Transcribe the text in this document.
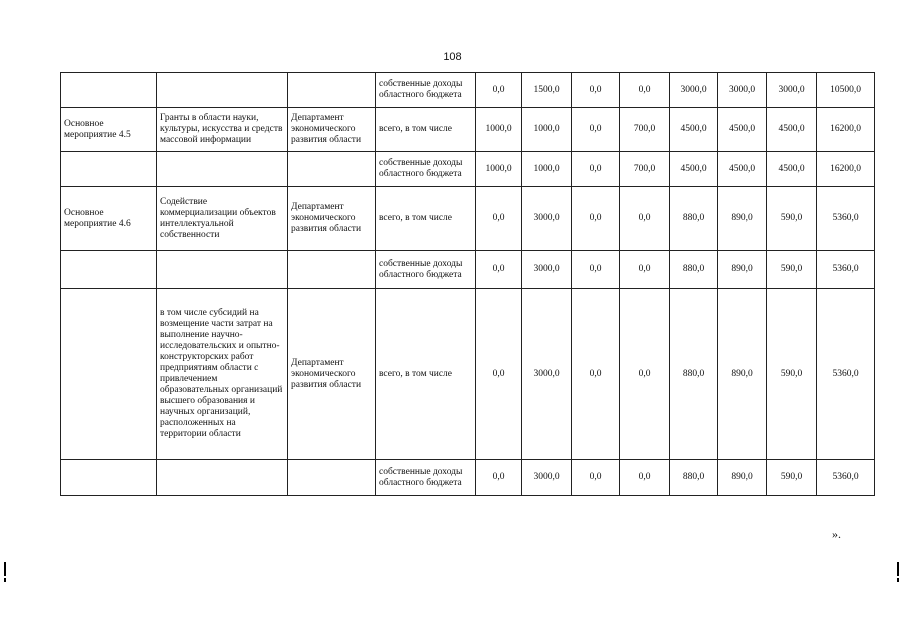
108
			собственные доходы областного бюджета	0,0	1500,0	0,0	0,0	3000,0	3000,0	3000,0	10500,0
Основное мероприятие 4.5	Гранты в области науки, культуры, искусства и средств массовой информации	Департамент экономического развития области	всего, в том числе	1000,0	1000,0	0,0	700,0	4500,0	4500,0	4500,0	16200,0
			собственные доходы областного бюджета	1000,0	1000,0	0,0	700,0	4500,0	4500,0	4500,0	16200,0
Основное мероприятие 4.6	Содействие коммерциализации объектов интеллектуальной собственности	Департамент экономического развития области	всего, в том числе	0,0	3000,0	0,0	0,0	880,0	890,0	590,0	5360,0
			собственные доходы областного бюджета	0,0	3000,0	0,0	0,0	880,0	890,0	590,0	5360,0
	в том числе субсидий на возмещение части затрат на выполнение научно-исследовательских и опытно-конструкторских работ предприятиям области с привлечением образовательных организаций высшего образования и научных организаций, расположенных на территории области	Департамент экономического развития области	всего, в том числе	0,0	3000,0	0,0	0,0	880,0	890,0	590,0	5360,0
			собственные доходы областного бюджета	0,0	3000,0	0,0	0,0	880,0	890,0	590,0	5360,0
».
